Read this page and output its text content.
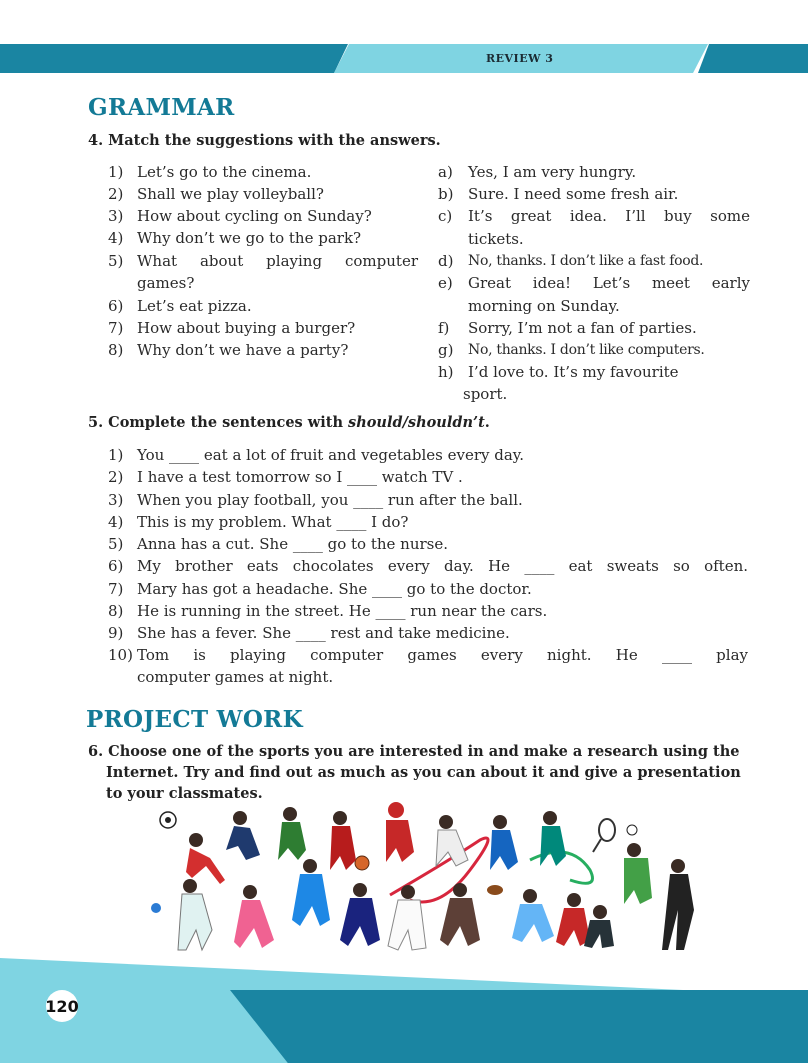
REVIEW 3
GRAMMAR
4. Match the suggestions with the answers.
1) Let’s go to the cinema.
2) Shall we play volleyball?
3) How about cycling on Sunday?
4) Why don’t we go to the park?
5) What about playing computer
games?
6) Let’s eat pizza.
7) How about buying a burger?
8) Why don’t we have a party?
a) Yes, I am very hungry.
b) Sure. I need some fresh air.
c) It’s great idea. I’ll buy some
tickets.
d) No, thanks. I don’t like a fast food.
e) Great idea! Let’s meet early
morning on Sunday.
f) Sorry, I’m not a fan of parties.
g) No, thanks. I don’t like computers.
h) I’d love to. It’s my favourite
sport.
5. Complete the sentences with should/shouldn’t.
1) You ____ eat a lot of fruit and vegetables every day.
2) I have a test tomorrow so I ____ watch TV .
3) When you play football, you ____ run after the ball.
4) This is my problem. What ____ I do?
5) Anna has a cut. She ____ go to the nurse.
6) My brother eats chocolates every day. He ____ eat sweats so often.
7) Mary has got a headache. She ____ go to the doctor.
8) He is running in the street. He ____ run near the cars.
9) She has a fever. She ____ rest and take medicine.
10) Tom is playing computer games every night. He ____ play
computer games at night.
PROJECT WORK
6. Choose one of the sports you are interested in and make a research using the
Internet. Try and find out as much as you can about it and give a presentation
to your classmates.
120
